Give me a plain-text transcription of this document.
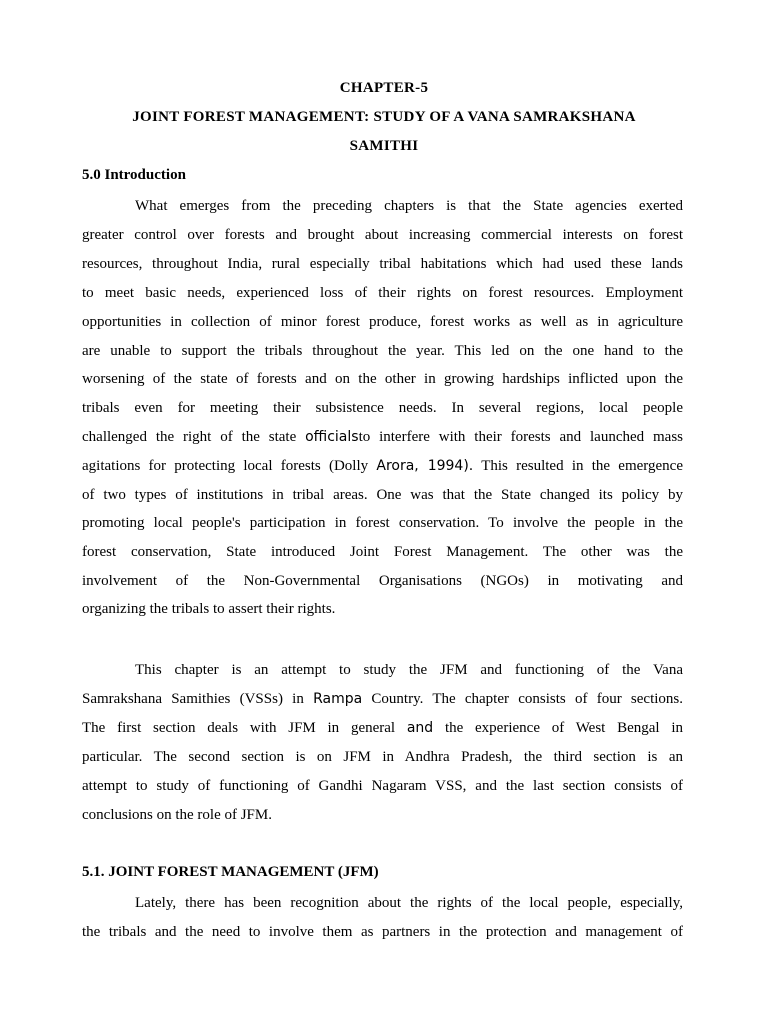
CHAPTER-5
JOINT FOREST MANAGEMENT: STUDY OF A VANA SAMRAKSHANA
SAMITHI
5.0 Introduction
What emerges from the preceding chapters is that the State agencies exerted
greater control over forests and brought about increasing commercial interests on forest
resources, throughout India, rural especially tribal habitations which had used these lands
to meet basic needs, experienced loss of their rights on forest resources. Employment
opportunities in collection of minor forest produce, forest works as well as in agriculture
are unable to support the tribals throughout the year. This led on the one hand to the
worsening of the state of forests and on the other in growing hardships inflicted upon the
tribals even for meeting their subsistence needs. In several regions, local people
challenged the right of the state officialsto interfere with their forests and launched mass
agitations for protecting local forests (Dolly Arora, 1994). This resulted in the emergence
of two types of institutions in tribal areas. One was that the State changed its policy by
promoting local people's participation in forest conservation. To involve the people in the
forest conservation, State introduced Joint Forest Management. The other was the
involvement of the Non-Governmental Organisations (NGOs) in motivating and
organizing the tribals to assert their rights.
This chapter is an attempt to study the JFM and functioning of the Vana
Samrakshana Samithies (VSSs) in Rampa Country. The chapter consists of four sections.
The first section deals with JFM in general and the experience of West Bengal in
particular. The second section is on JFM in Andhra Pradesh, the third section is an
attempt to study of functioning of Gandhi Nagaram VSS, and the last section consists of
conclusions on the role of JFM.
5.1. JOINT FOREST MANAGEMENT (JFM)
Lately, there has been recognition about the rights of the local people, especially,
the tribals and the need to involve them as partners in the protection and management of
